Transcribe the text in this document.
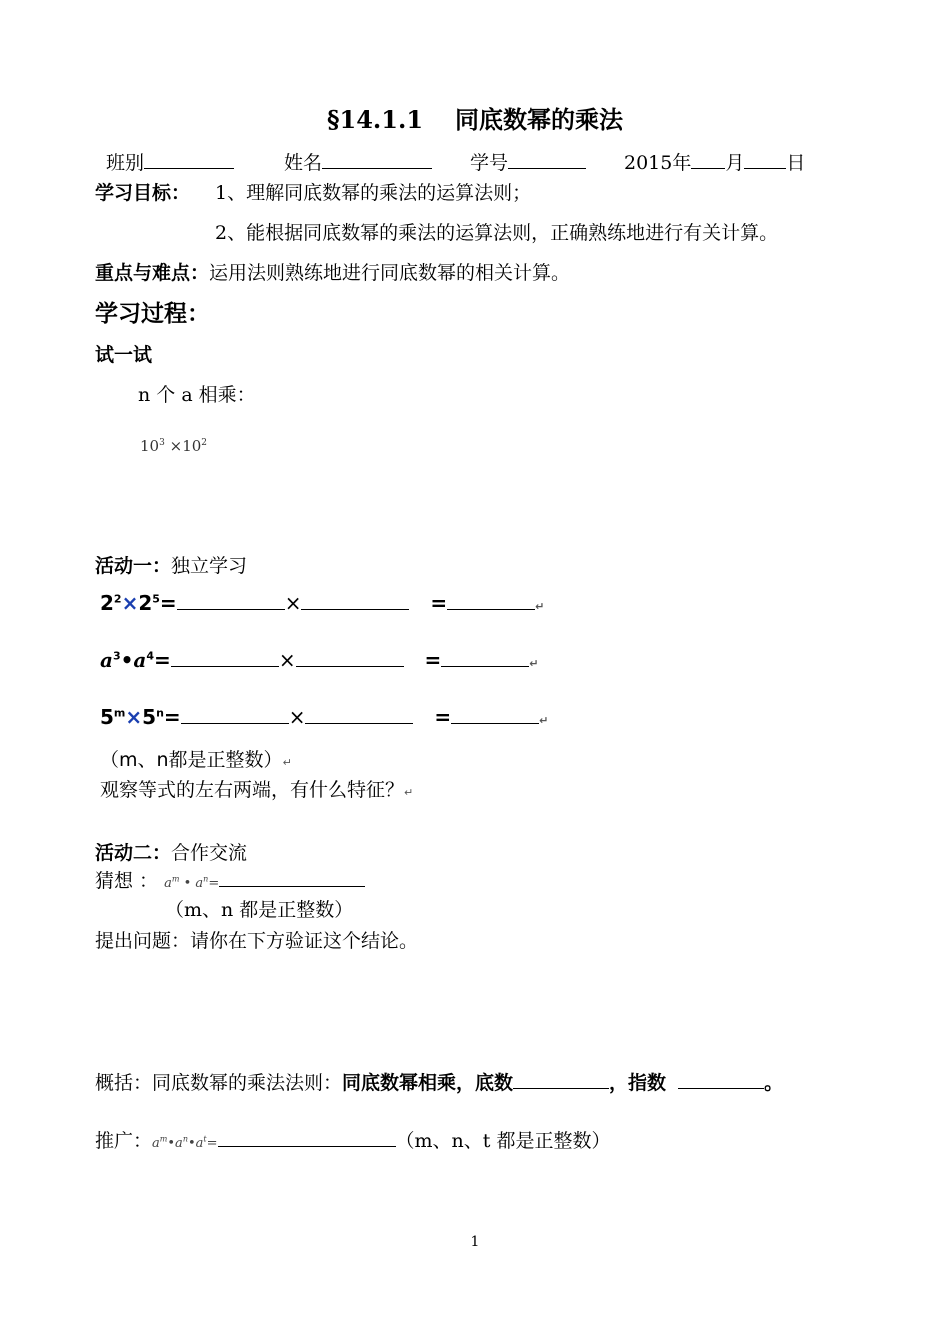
§14.1.1 同底数幂的乘法
班别	姓名	学号	2015年 月 日
学习目标： 1、理解同底数幂的乘法的运算法则；
2、能根据同底数幂的乘法的运算法则，正确熟练地进行有关计算。
重点与难点：运用法则熟练地进行同底数幂的相关计算。
学习过程：
试一试
n 个 a 相乘：
$10^3 \times 10^2$
活动一：独立学习
$2^2\times 2^5=$	×	=	↵
$a^3•a^4=$	×	=	↵
$5^m\times 5^n=$	×	=	↵
（m、n都是正整数）↵
观察等式的左右两端，有什么特征？↵
活动二：合作交流
猜想 ： $a^m$ • $a^n=$
（m、n 都是正整数）
提出问题：请你在下方验证这个结论。
概括：同底数幂的乘法法则：同底数幂相乘，底数	，指数	。
推广：$a^m•a^n•a^t=$	（m、n、t 都是正整数）
1
